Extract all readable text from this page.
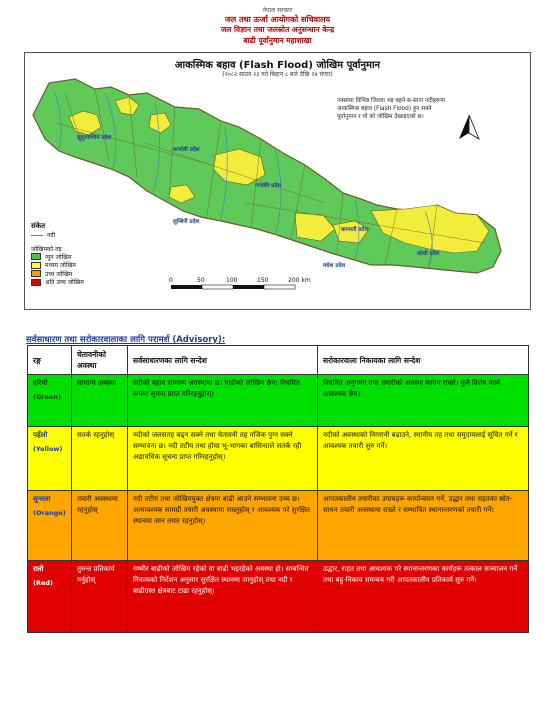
नेपाल सरकार
जल तथा ऊर्जा आयोगको सचिवालय
जल विज्ञान तथा जलस्रोत अनुसन्धान केन्द्र
बाढी पूर्वानुमान महाशाखा
0	50	100	150	200 km
सुदूरपश्चिम प्रदेश
कर्णाली प्रदेश
गण्डकी प्रदेश
लुम्बिनी प्रदेश
बागमती प्रदेश
मधेश प्रदेश
कोशी प्रदेश
आकस्मिक बहाव (Flash Flood) जोखिम पूर्वानुमान
(२०८२ साउन २३ गते बिहान ८ बजे देखि २४ घण्टा)
नक्सामा विभिन्न जिल्ला भइ बहने स-साना नदीहरूमा आकस्मिक बहाव (Flash Flood) हुन सक्ने पूर्वानुमान र यो को जोखिम देखाइएको छ।
संकेत
नदी
जोखिमको तह
न्यून जोखिम
मध्यम जोखिम
उच्च जोखिम
अति उच्च जोखिम
सर्वसाधारण तथा सरोकारवालाका लागि परामर्श (Advisory):
रङ्ग	चेतावनीको अवस्था	सर्वसाधारणका लागि सन्देश	सरोकारवाला निकायका लागि सन्देश
हरियो
(Green)	सामान्य अवस्था	नदीको बहाव सामान्य अवस्थामा छ। बाढीको जोखिम छैन। नियमित रूपमा सूचना प्राप्त गरिरहनुहोस्।	नियमित अनुगमन तथा तयारीको अवस्था कायम राख्ने। कुनै विशेष कार्य आवश्यक छैन।
पहेंलो
(Yellow)	सतर्क रहनुहोस्	नदीको जलसतह बढ्न सक्ने तथा चेतावनी तह नजिक पुग्न सक्ने सम्भावना छ। नदी तटीय तथा होचा भू-भागका बासिन्दाले सतर्क रही अद्यावधिक सूचना प्राप्त गरिरहनुहोस्।	नदीको अवस्थाको निगरानी बढाउने, स्थानीय तह तथा समुदायलाई सूचित गर्ने र आवश्यक तयारी सुरु गर्ने।
सुन्तला
(Orange)	तयारी अवस्थामा रहनुहोस्	नदी तटीय तथा जोखिमयुक्त क्षेत्रमा बाढी आउने सम्भावना उच्च छ। अत्यावश्यक सामग्री तयारी अवस्थामा राख्नुहोस् र आवश्यक परे सुरक्षित स्थानमा जान तयार रहनुहोस्।	आपतकालीन तयारीका उपायहरू कार्यान्वयन गर्ने, उद्धार तथा राहतका स्रोत-साधन तयारी अवस्थामा राख्ने र सम्भावित स्थानान्तरणको तयारी गर्ने।
रातो
(Red)	तुरुन्त प्रतिकार्य गर्नुहोस्	गम्भीर बाढीको जोखिम रहेको वा बाढी भइरहेको अवस्था हो। सम्बन्धित निकायको निर्देशन अनुसार सुरक्षित स्थानमा जानुहोस् तथा नदी र बाढीग्रस्त क्षेत्रबाट टाढा रहनुहोस्।	उद्धार, राहत तथा आवश्यक परे स्थानान्तरणका कार्यहरू तत्काल सञ्चालन गर्ने तथा बहु-निकाय समन्वय गरी आपतकालीन प्रतिकार्य सुरु गर्ने।
